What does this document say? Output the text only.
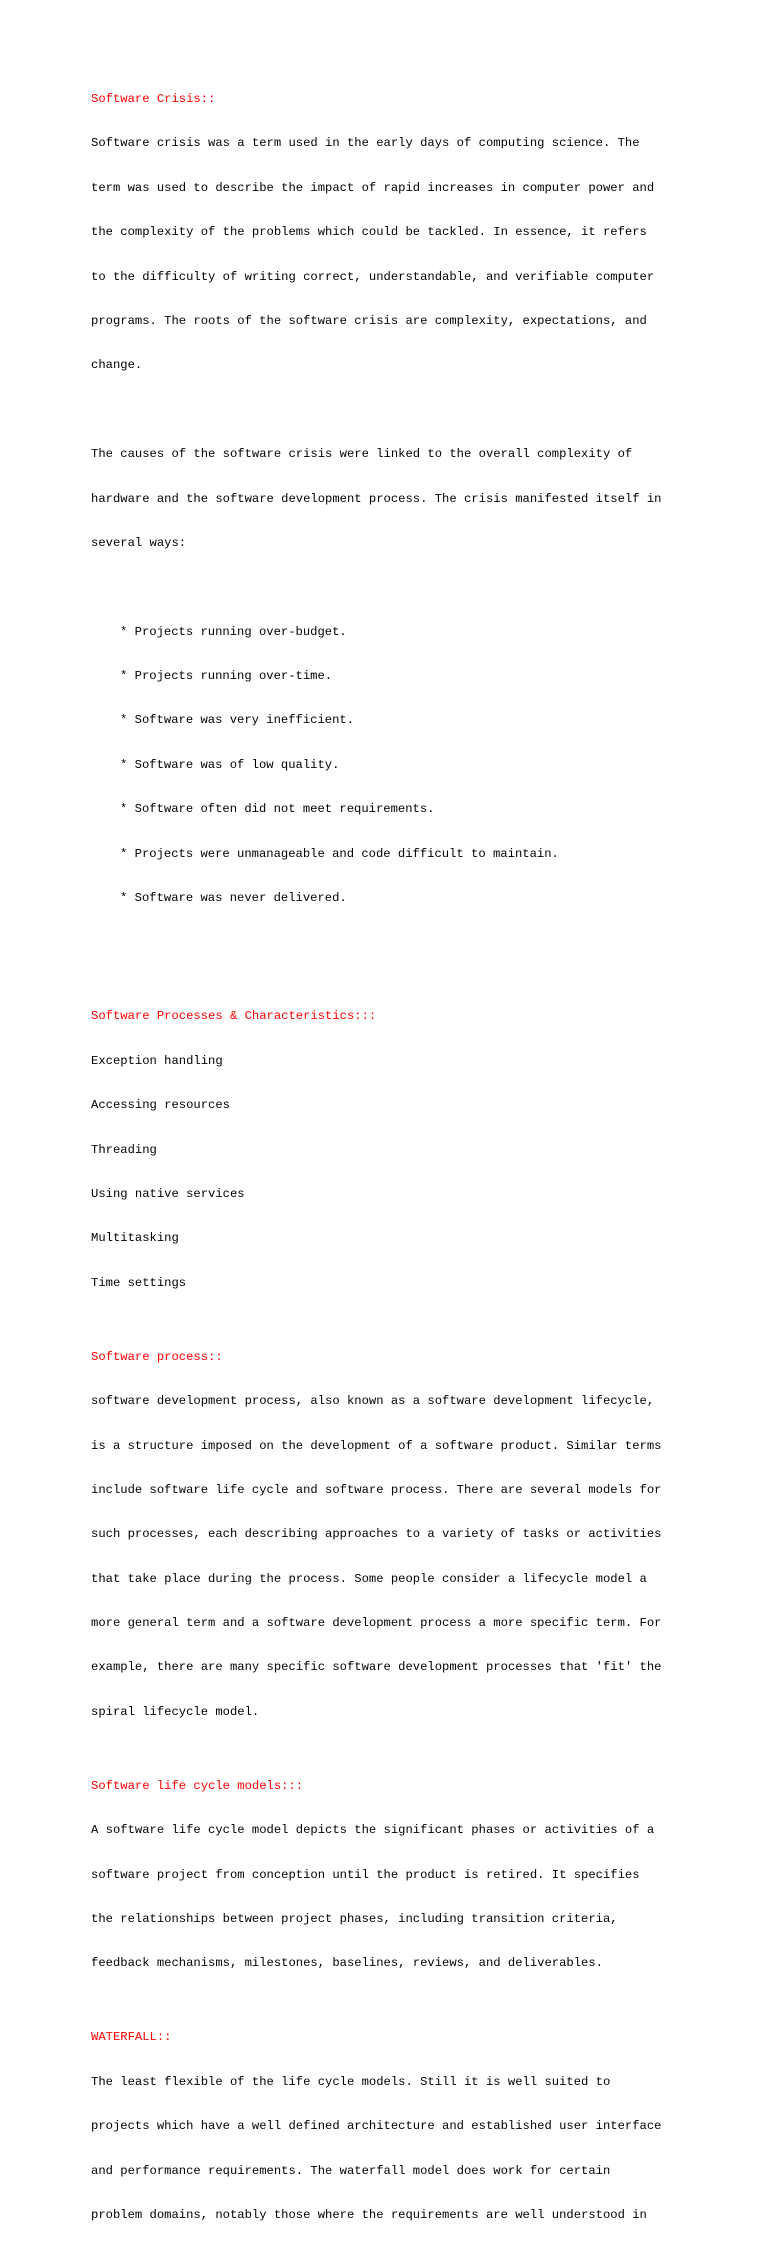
Software Crisis::

Software crisis was a term used in the early days of computing science. The

term was used to describe the impact of rapid increases in computer power and

the complexity of the problems which could be tackled. In essence, it refers

to the difficulty of writing correct, understandable, and verifiable computer

programs. The roots of the software crisis are complexity, expectations, and

change.

The causes of the software crisis were linked to the overall complexity of

hardware and the software development process. The crisis manifested itself in

several ways:

* Projects running over-budget.

* Projects running over-time.

* Software was very inefficient.

* Software was of low quality.

* Software often did not meet requirements.

* Projects were unmanageable and code difficult to maintain.

* Software was never delivered.

Software Processes & Characteristics:::

Exception handling

Accessing resources

Threading

Using native services

Multitasking

Time settings

Software process::

software development process, also known as a software development lifecycle,

is a structure imposed on the development of a software product. Similar terms

include software life cycle and software process. There are several models for

such processes, each describing approaches to a variety of tasks or activities

that take place during the process. Some people consider a lifecycle model a

more general term and a software development process a more specific term. For

example, there are many specific software development processes that 'fit' the

spiral lifecycle model.

Software life cycle models:::

A software life cycle model depicts the significant phases or activities of a

software project from conception until the product is retired. It specifies

the relationships between project phases, including transition criteria,

feedback mechanisms, milestones, baselines, reviews, and deliverables.

WATERFALL::

The least flexible of the life cycle models. Still it is well suited to

projects which have a well defined architecture and established user interface

and performance requirements. The waterfall model does work for certain

problem domains, notably those where the requirements are well understood in
